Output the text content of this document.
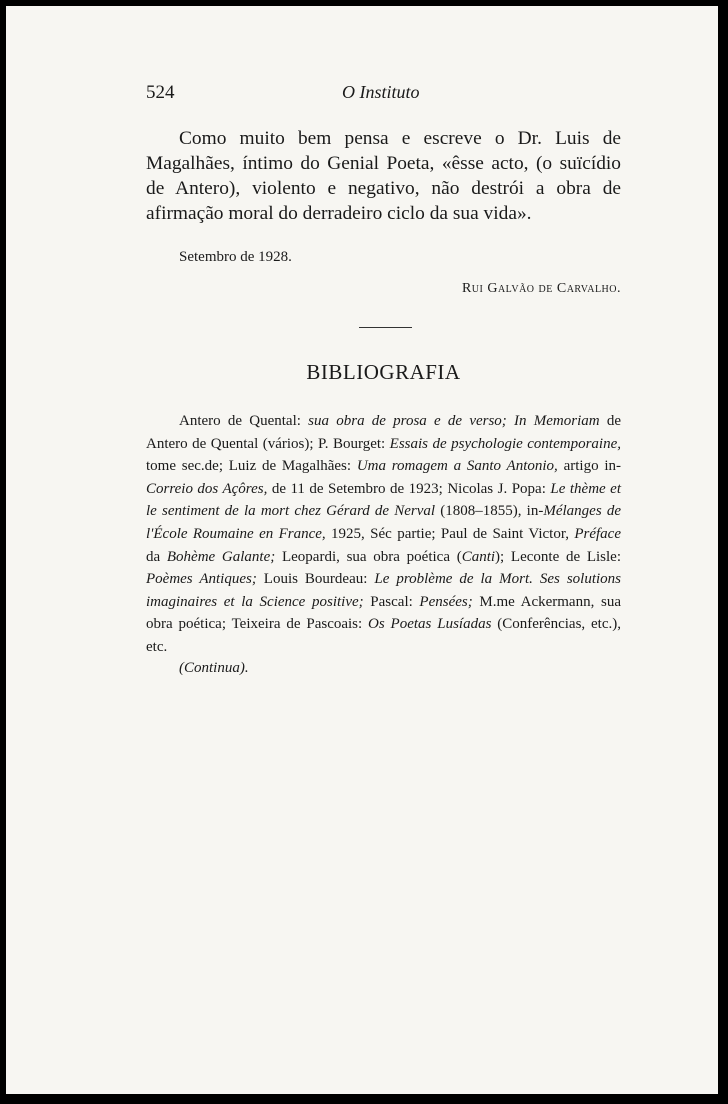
524	O Instituto

Como muito bem pensa e escreve o Dr. Luis de Magalhães, íntimo do Genial Poeta, «êsse acto, (o suïcídio de Antero), violento e negativo, não destrói a obra de afirmação moral do derradeiro ciclo da sua vida».

Setembro de 1928.
Rui Galvão de Carvalho.
BIBLIOGRAFIA

Antero de Quental: sua obra de prosa e de verso; In Memoriam de Antero de Quental (vários); P. Bourget: Essais de psychologie contemporaine, tome sec.de; Luiz de Magalhães: Uma romagem a Santo Antonio, artigo in-Correio dos Açôres, de 11 de Setembro de 1923; Nicolas J. Popa: Le thème et le sentiment de la mort chez Gérard de Nerval (1808–1855), in-Mélanges de l'École Roumaine en France, 1925, Séc partie; Paul de Saint Victor, Préface da Bohème Galante; Leopardi, sua obra poética (Canti); Leconte de Lisle: Poèmes Antiques; Louis Bourdeau: Le problème de la Mort. Ses solutions imaginaires et la Science positive; Pascal: Pensées; M.me Ackermann, sua obra poética; Teixeira de Pascoais: Os Poetas Lusíadas (Conferências, etc.), etc.

(Continua).
